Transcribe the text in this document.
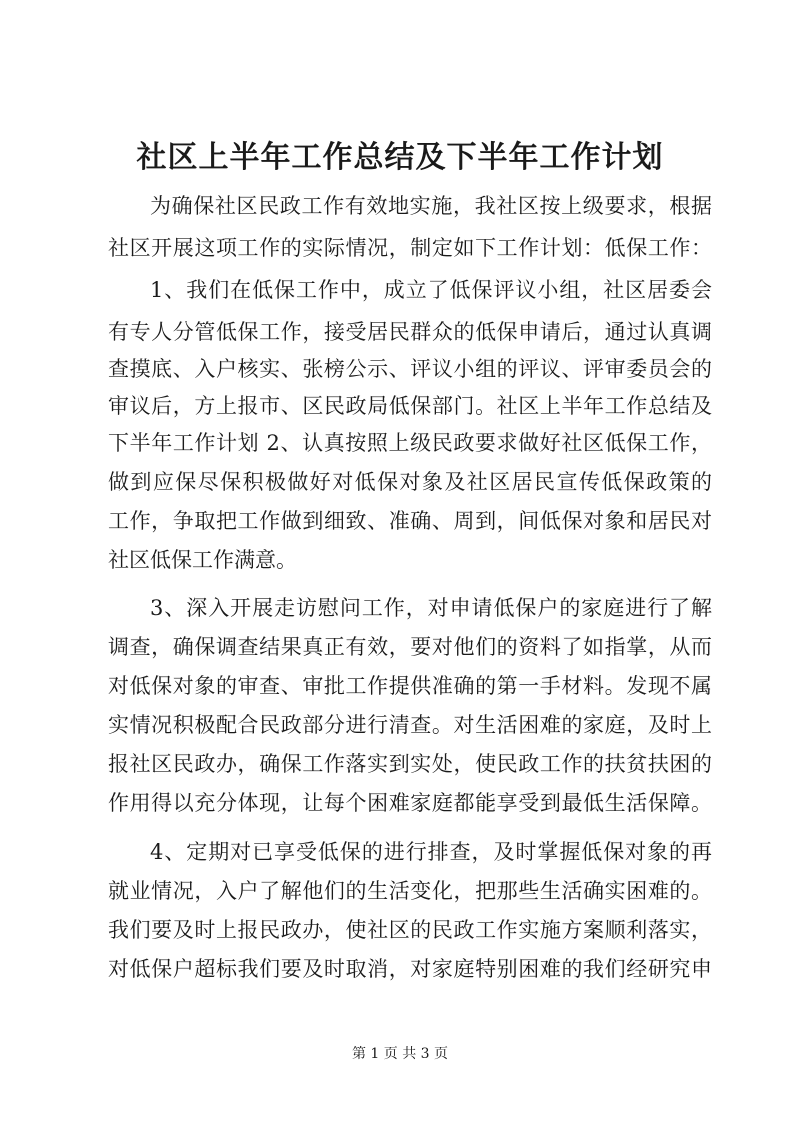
社区上半年工作总结及下半年工作计划

为确保社区民政工作有效地实施，我社区按上级要求，根据

社区开展这项工作的实际情况，制定如下工作计划：低保工作：

1、我们在低保工作中，成立了低保评议小组，社区居委会

有专人分管低保工作，接受居民群众的低保申请后，通过认真调

查摸底、入户核实、张榜公示、评议小组的评议、评审委员会的

审议后，方上报市、区民政局低保部门。社区上半年工作总结及

下半年工作计划 2、认真按照上级民政要求做好社区低保工作，

做到应保尽保积极做好对低保对象及社区居民宣传低保政策的

工作，争取把工作做到细致、准确、周到，间低保对象和居民对

社区低保工作满意。

3、深入开展走访慰问工作，对申请低保户的家庭进行了解

调查，确保调查结果真正有效，要对他们的资料了如指掌，从而

对低保对象的审查、审批工作提供准确的第一手材料。发现不属

实情况积极配合民政部分进行清查。对生活困难的家庭，及时上

报社区民政办，确保工作落实到实处，使民政工作的扶贫扶困的

作用得以充分体现，让每个困难家庭都能享受到最低生活保障。

4、定期对已享受低保的进行排查，及时掌握低保对象的再

就业情况，入户了解他们的生活变化，把那些生活确实困难的。

我们要及时上报民政办，使社区的民政工作实施方案顺利落实，

对低保户超标我们要及时取消，对家庭特别困难的我们经研究申

第 1 页 共 3 页
